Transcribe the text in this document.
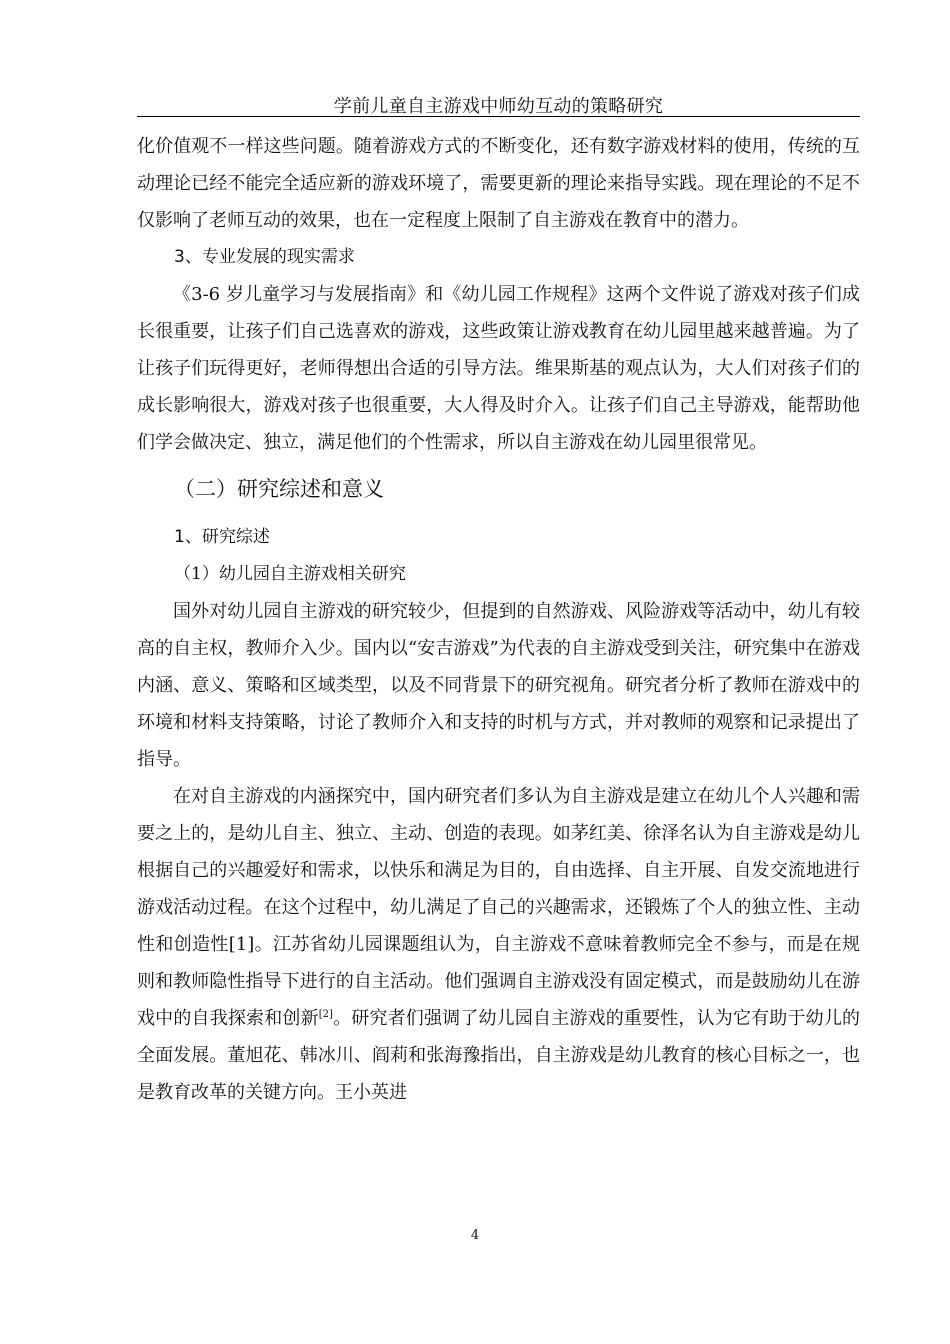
学前儿童自主游戏中师幼互动的策略研究

化价值观不一样这些问题。随着游戏方式的不断变化，还有数字游戏材料的使用，传统的互动理论已经不能完全适应新的游戏环境了，需要更新的理论来指导实践。现在理论的不足不仅影响了老师互动的效果，也在一定程度上限制了自主游戏在教育中的潜力。

3、专业发展的现实需求

《3-6 岁儿童学习与发展指南》和《幼儿园工作规程》这两个文件说了游戏对孩子们成长很重要，让孩子们自己选喜欢的游戏，这些政策让游戏教育在幼儿园里越来越普遍。为了让孩子们玩得更好，老师得想出合适的引导方法。维果斯基的观点认为，大人们对孩子们的成长影响很大，游戏对孩子也很重要，大人得及时介入。让孩子们自己主导游戏，能帮助他们学会做决定、独立，满足他们的个性需求，所以自主游戏在幼儿园里很常见。

（二）研究综述和意义
1、研究综述
（1）幼儿园自主游戏相关研究

国外对幼儿园自主游戏的研究较少，但提到的自然游戏、风险游戏等活动中，幼儿有较高的自主权，教师介入少。国内以“安吉游戏”为代表的自主游戏受到关注，研究集中在游戏内涵、意义、策略和区域类型，以及不同背景下的研究视角。研究者分析了教师在游戏中的环境和材料支持策略，讨论了教师介入和支持的时机与方式，并对教师的观察和记录提出了指导。

在对自主游戏的内涵探究中，国内研究者们多认为自主游戏是建立在幼儿个人兴趣和需要之上的，是幼儿自主、独立、主动、创造的表现。如茅红美、徐泽名认为自主游戏是幼儿根据自己的兴趣爱好和需求，以快乐和满足为目的，自由选择、自主开展、自发交流地进行游戏活动过程。在这个过程中，幼儿满足了自己的兴趣需求，还锻炼了个人的独立性、主动性和创造性[1]。江苏省幼儿园课题组认为，自主游戏不意味着教师完全不参与，而是在规则和教师隐性指导下进行的自主活动。他们强调自主游戏没有固定模式，而是鼓励幼儿在游戏中的自我探索和创新[2]。研究者们强调了幼儿园自主游戏的重要性，认为它有助于幼儿的全面发展。董旭花、韩冰川、阎莉和张海豫指出，自主游戏是幼儿教育的核心目标之一，也是教育改革的关键方向。王小英进

4
